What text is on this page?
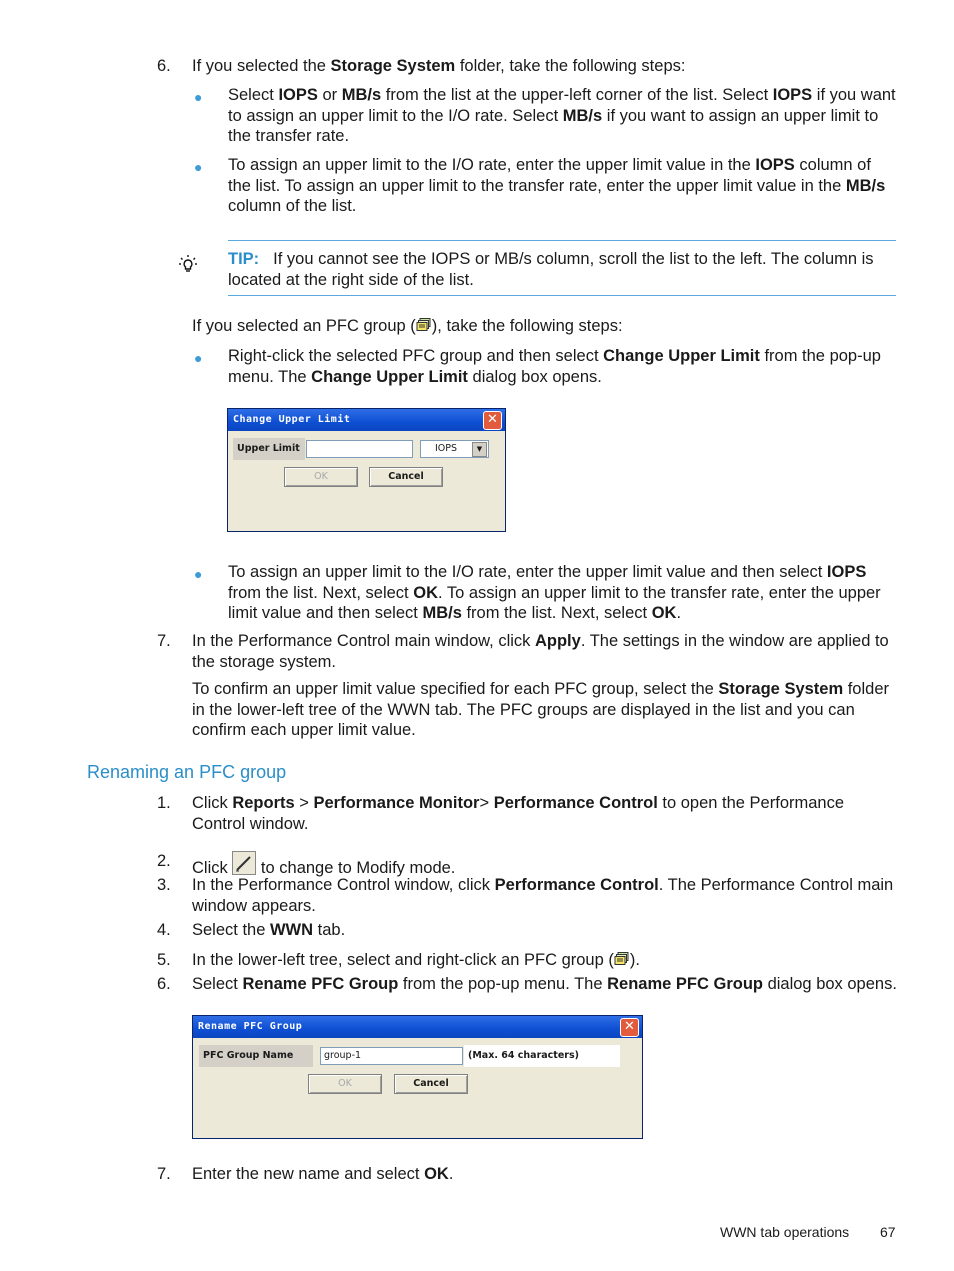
6. If you selected the Storage System folder, take the following steps:
● Select IOPS or MB/s from the list at the upper-left corner of the list. Select IOPS if you want to assign an upper limit to the I/O rate. Select MB/s if you want to assign an upper limit to the transfer rate.
● To assign an upper limit to the I/O rate, enter the upper limit value in the IOPS column of the list. To assign an upper limit to the transfer rate, enter the upper limit value in the MB/s column of the list.
TIP: If you cannot see the IOPS or MB/s column, scroll the list to the left. The column is located at the right side of the list.
If you selected an PFC group ( ), take the following steps:
● Right-click the selected PFC group and then select Change Upper Limit from the pop-up menu. The Change Upper Limit dialog box opens.
Change Upper Limit	✕
Upper Limit	IOPS	▼
OK	Cancel
● To assign an upper limit to the I/O rate, enter the upper limit value and then select IOPS from the list. Next, select OK. To assign an upper limit to the transfer rate, enter the upper limit value and then select MB/s from the list. Next, select OK.
7. In the Performance Control main window, click Apply. The settings in the window are applied to the storage system.
To confirm an upper limit value specified for each PFC group, select the Storage System folder in the lower-left tree of the WWN tab. The PFC groups are displayed in the list and you can confirm each upper limit value.
Renaming an PFC group
1. Click Reports > Performance Monitor> Performance Control to open the Performance Control window.
2. Click  to change to Modify mode.
3. In the Performance Control window, click Performance Control. The Performance Control main window appears.
4. Select the WWN tab.
5. In the lower-left tree, select and right-click an PFC group ( ).
6. Select Rename PFC Group from the pop-up menu. The Rename PFC Group dialog box opens.
Rename PFC Group	✕
PFC Group Name	group-1	(Max. 64 characters)
OK	Cancel
7. Enter the new name and select OK.
WWN tab operations 67
